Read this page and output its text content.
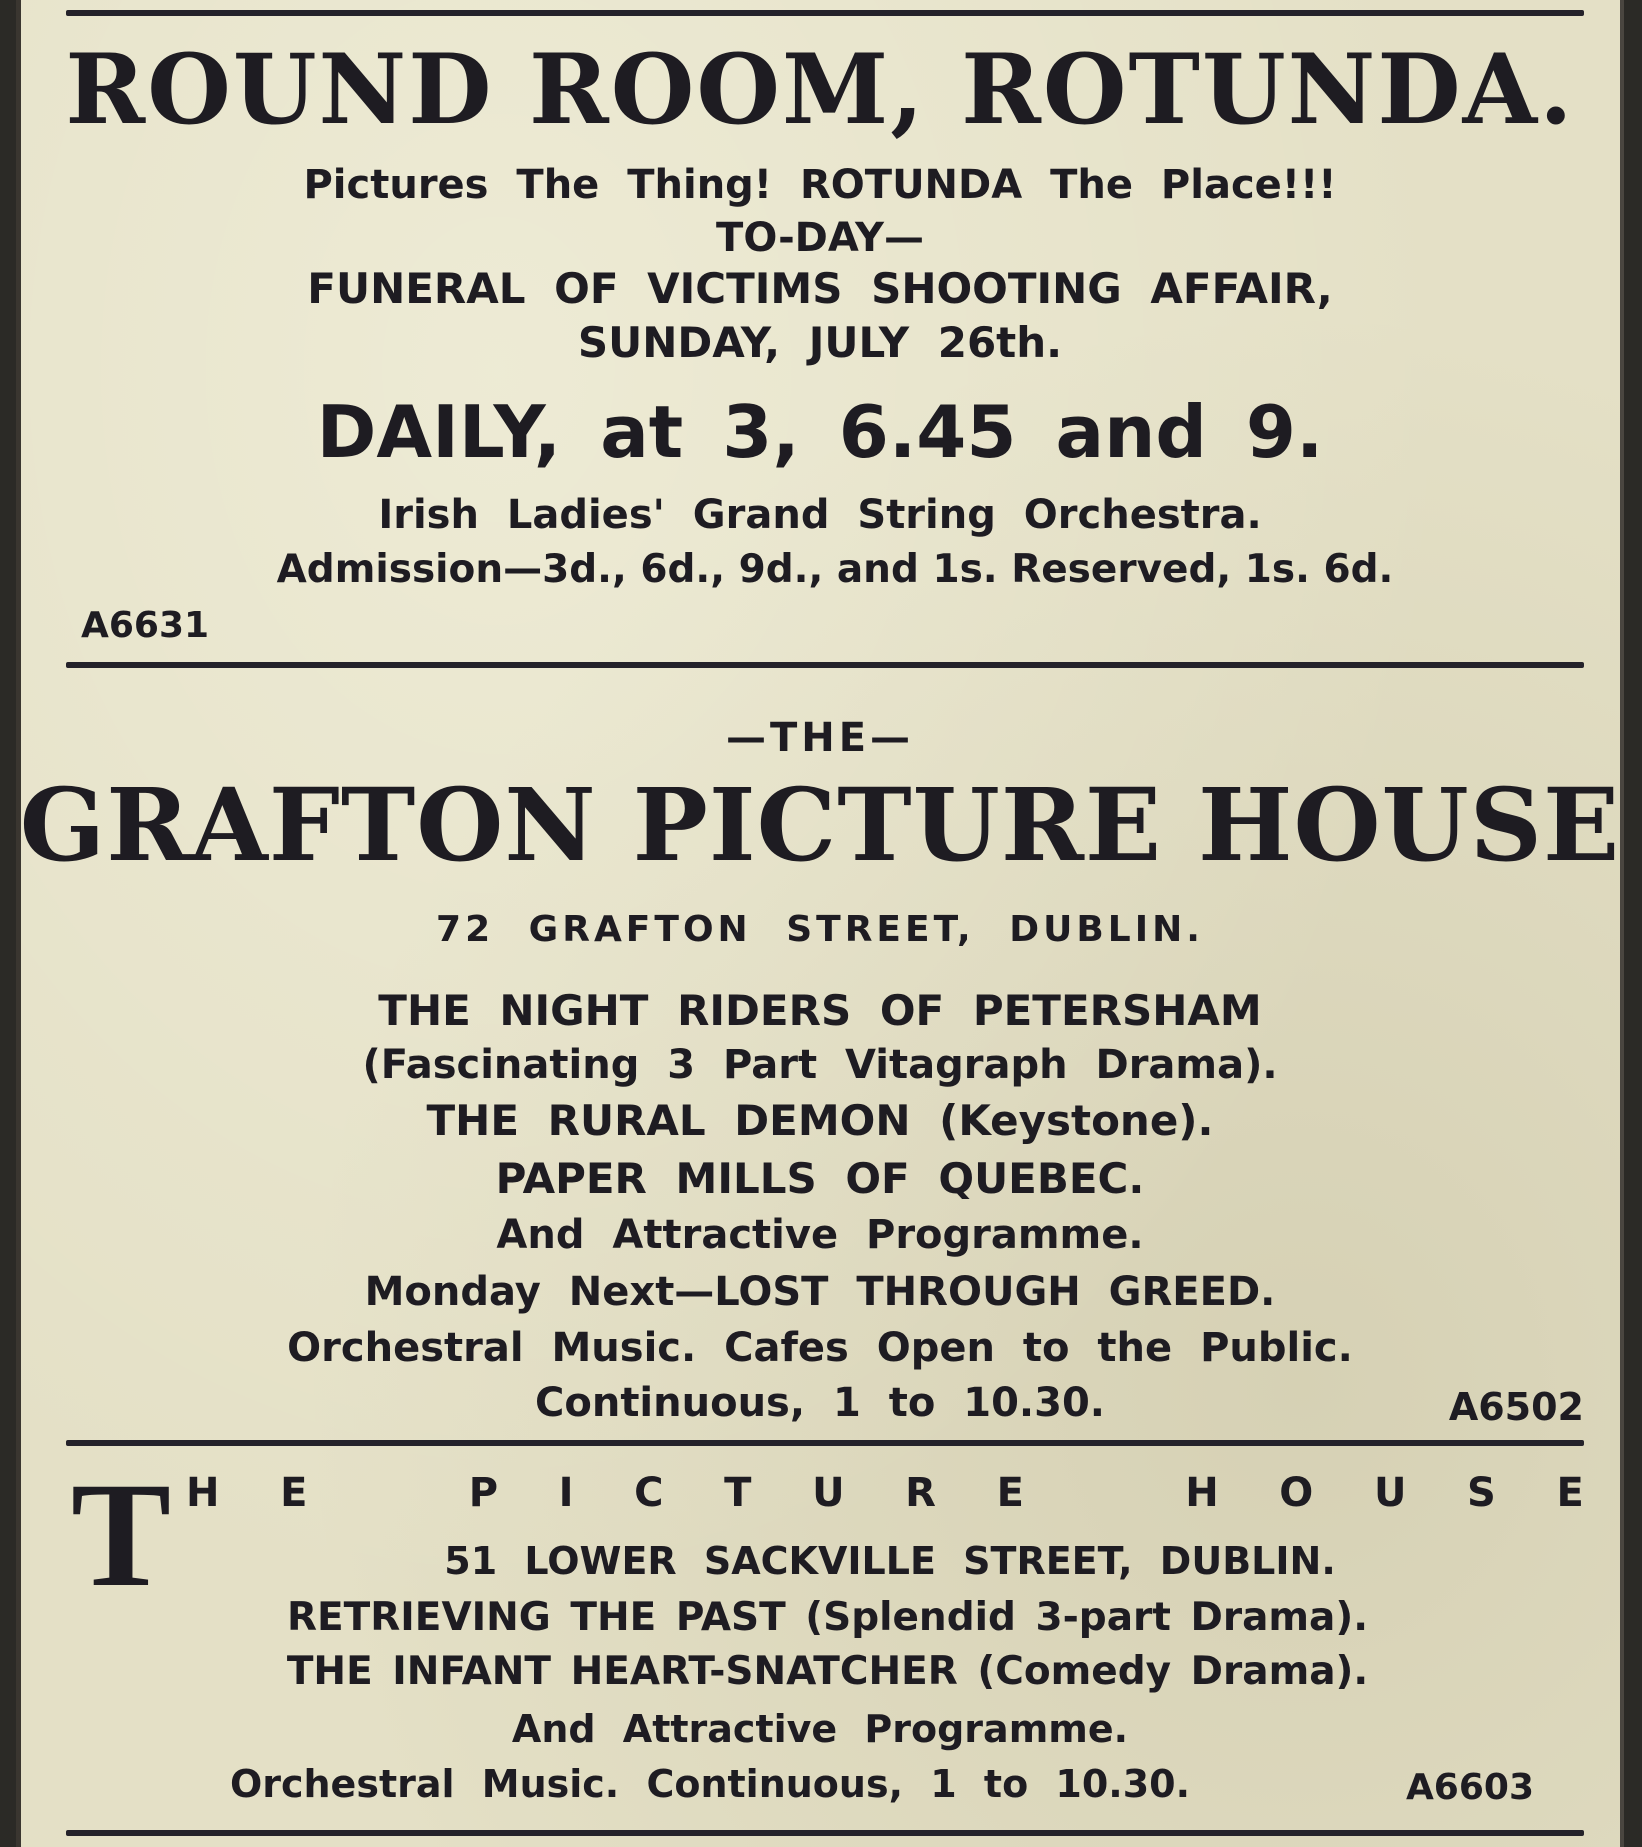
ROUND ROOM, ROTUNDA.
Pictures The Thing! ROTUNDA The Place!!!
TO-DAY—
FUNERAL OF VICTIMS SHOOTING AFFAIR,
SUNDAY, JULY 26th.
DAILY, at 3, 6.45 and 9.
Irish Ladies' Grand String Orchestra.
Admission—3d., 6d., 9d., and 1s. Reserved, 1s. 6d.
A6631
—THE—
GRAFTON PICTURE HOUSE
72 GRAFTON STREET, DUBLIN.
THE NIGHT RIDERS OF PETERSHAM
(Fascinating 3 Part Vitagraph Drama).
THE RURAL DEMON (Keystone).
PAPER MILLS OF QUEBEC.
And Attractive Programme.
Monday Next—LOST THROUGH GREED.
Orchestral Music. Cafes Open to the Public.
Continuous, 1 to 10.30.	A6502
T H E	P I C T U R E	H O U S E
51 LOWER SACKVILLE STREET, DUBLIN.
RETRIEVING THE PAST (Splendid 3-part Drama).
THE INFANT HEART-SNATCHER (Comedy Drama).
And Attractive Programme.
Orchestral Music. Continuous, 1 to 10.30.	A6603
